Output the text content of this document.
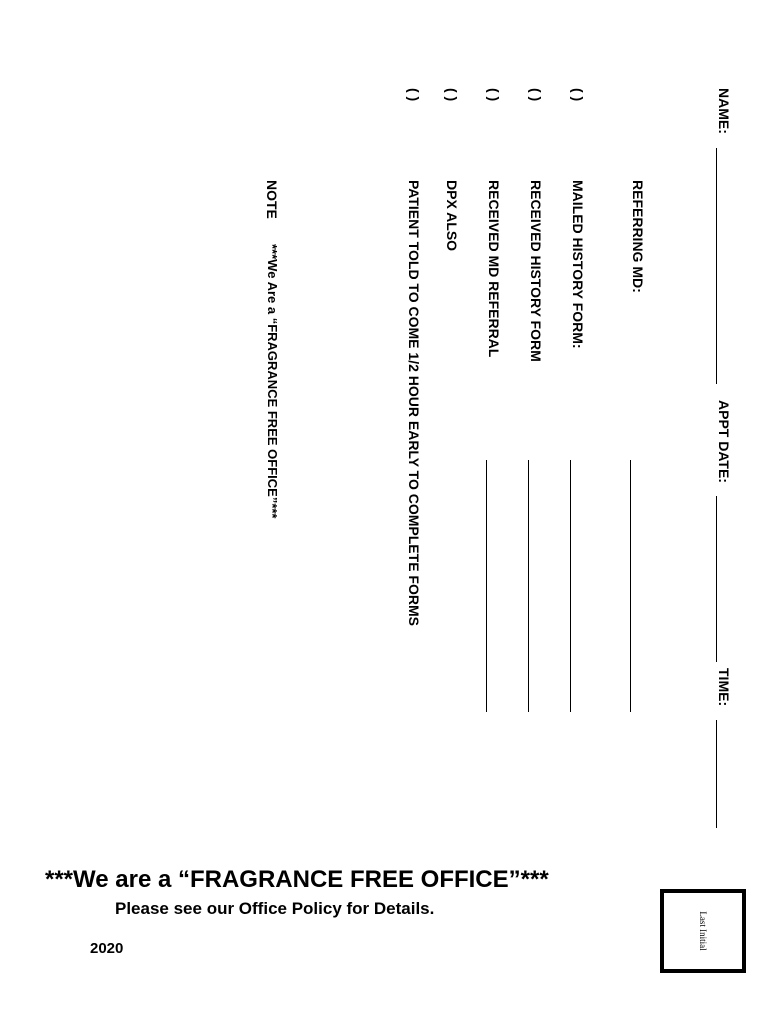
NAME:
APPT DATE:
TIME:
REFERRING MD:
( )
MAILED HISTORY FORM:
( )
RECEIVED HISTORY FORM
( )
RECEIVED MD REFERRAL
( )
DPX ALSO
( )
PATIENT TOLD TO COME 1/2 HOUR EARLY TO COMPLETE FORMS
NOTE
***We Are a “FRAGRANCE FREE OFFICE”***
***We are a “FRAGRANCE FREE OFFICE”***
Please see our Office Policy for Details.
2020	Last Initial
